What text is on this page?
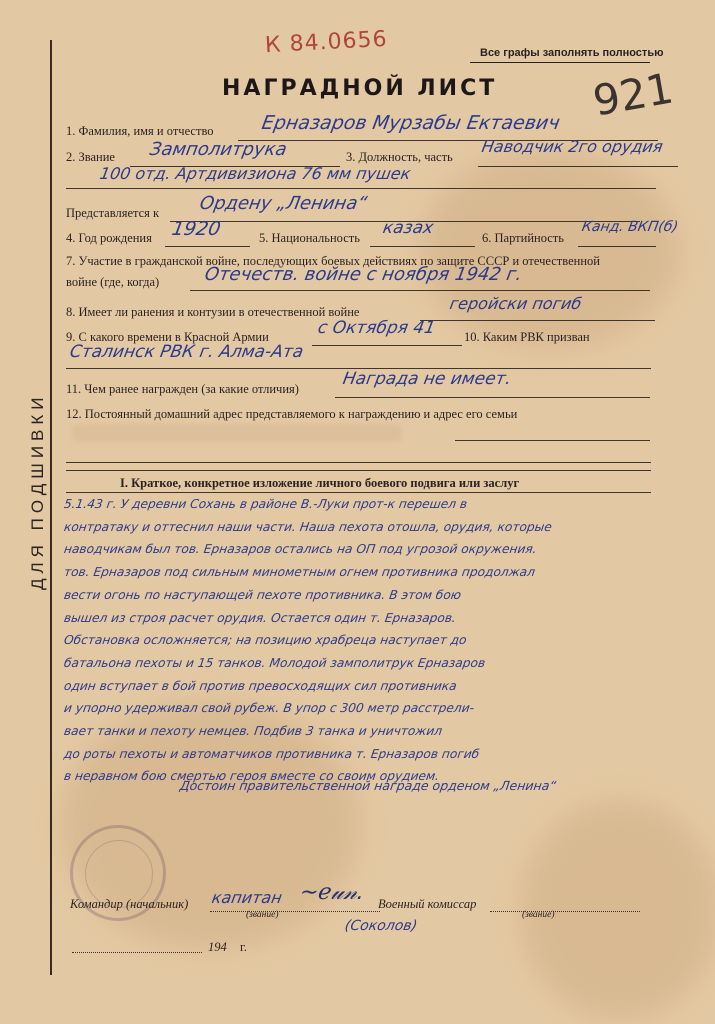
ДЛЯ ПОДШИВКИ
К 84.0656	Все графы заполнять полностью
921
НАГРАДНОЙ ЛИСТ
1. Фамилия, имя и отчество Ерназаров Мурзабы Ектаевич
2. Звание Замполитрука	3. Должность, часть
Наводчик 2го орудия
100 отд. Артдивизиона 76 мм пушек
Представляется к Ордену „Ленина“
4. Год рождения 1920	5. Национальность казах	6. Партийность
Канд. ВКП(б)
7. Участие в гражданской войне, последующих боевых действиях по защите СССР и отечественной
войне (где, когда) Отечеств. войне с ноября 1942 г.
8. Имеет ли ранения и контузии в отечественной войне	геройски погиб
9. С какого времени в Красной Армии	с Октября 41 10. Каким РВК призван
Сталинск РВК г. Алма-Ата
11. Чем ранее награжден (за какие отличия) Награда не имеет.
12. Постоянный домашний адрес представляемого к награждению и адрес его семьи
I. Краткое, конкретное изложение личного боевого подвига или заслуг
5.1.43 г. У деревни Сохань в районе В.-Луки прот-к перешел в
контратаку и оттеснил наши части. Наша пехота отошла, орудия, которые
наводчикам был тов. Ерназаров остались на ОП под угрозой окружения.
тов. Ерназаров под сильным минометным огнем противника продолжал
вести огонь по наступающей пехоте противника. В этом бою
вышел из строя расчет орудия. Остается один т. Ерназаров.
Обстановка осложняется; на позицию храбреца наступает до
батальона пехоты и 15 танков. Молодой замполитрук Ерназаров
один вступает в бой против превосходящих сил противника
и упорно удерживал свой рубеж. В упор с 300 метр расстрели-
вает танки и пехоту немцев. Подбив 3 танка и уничтожил
до роты пехоты и автоматчиков противника т. Ерназаров погиб
в неравном бою смертью героя вместе со своим орудием.
Достоин правительственной награде орденом „Ленина“
Командир (начальник) капитан ~ℯ𝓊𝓃. Военный комиссар
(звание)	(звание)
(Соколов)
194 г.
